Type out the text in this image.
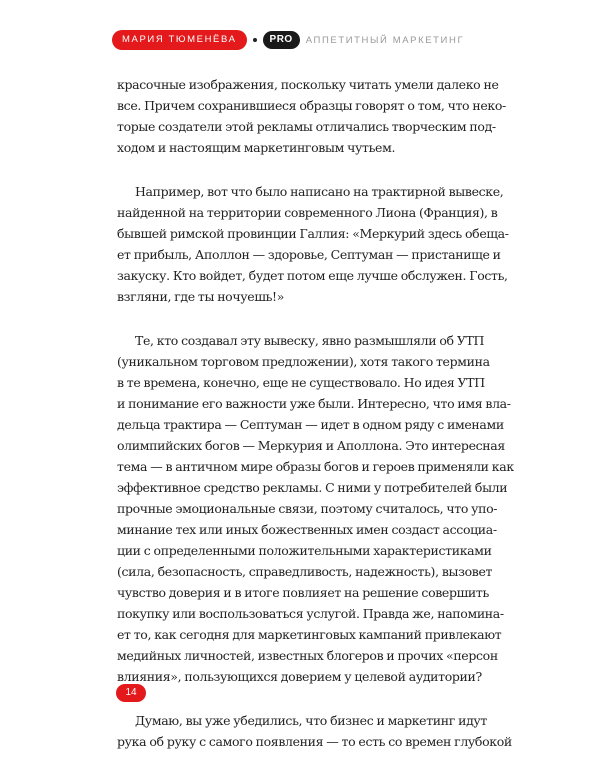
МАРИЯ ТЮМЕНЁВА	PRO	АППЕТИТНЫЙ МАРКЕТИНГ

красочные изображения, поскольку читать умели далеко не
все. Причем сохранившиеся образцы говорят о том, что неко-
торые создатели этой рекламы отличались творческим под-
ходом и настоящим маркетинговым чутьем.

Например, вот что было написано на трактирной вывеске,
найденной на территории современного Лиона (Франция), в
бывшей римской провинции Галлия: «Меркурий здесь обеща-
ет прибыль, Аполлон — здоровье, Септуман — пристанище и
закуску. Кто войдет, будет потом еще лучше обслужен. Гость,
взгляни, где ты ночуешь!»

Те, кто создавал эту вывеску, явно размышляли об УТП
(уникальном торговом предложении), хотя такого термина
в те времена, конечно, еще не существовало. Но идея УТП
и понимание его важности уже были. Интересно, что имя вла-
дельца трактира — Септуман — идет в одном ряду с именами
олимпийских богов — Меркурия и Аполлона. Это интересная
тема — в античном мире образы богов и героев применяли как
эффективное средство рекламы. С ними у потребителей были
прочные эмоциональные связи, поэтому считалось, что упо-
минание тех или иных божественных имен создаст ассоциа-
ции с определенными положительными характеристиками
(сила, безопасность, справедливость, надежность), вызовет
чувство доверия и в итоге повлияет на решение совершить
покупку или воспользоваться услугой. Правда же, напомина-
ет то, как сегодня для маркетинговых кампаний привлекают
медийных личностей, известных блогеров и прочих «персон
влияния», пользующихся доверием у целевой аудитории?

Думаю, вы уже убедились, что бизнес и маркетинг идут
рука об руку с самого появления — то есть со времен глубокой

14
